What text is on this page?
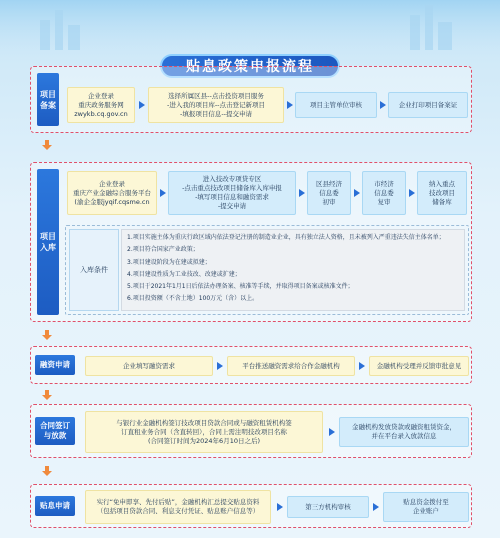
贴息政策申报流程
项目备案
企业登录
重庆政务服务网
zwykb.cq.gov.cn
选择所属区县--点击投资项目服务
-进入我的项目库--点击登记新项目
-填报项目信息--提交申请
项目主管单位审核	企业打印项目备案证
项目入库
企业登录
重庆产业金融综合服务平台
(渝企金服jyqif.cqsme.cn
进入技改专项贷专区
-点击重点技改项目储备库入库申报
-填写项目信息和融资需求
-提交申请
区县经济
信息委
初审
市经济
信息委
复审
纳入重点
技改项目
储备库
入库条件
1.项目实施主体为重庆行政区域内依法登记注册的制造业企业，具有独立法人资格，且未被列入严重违法失信主体名单；
2.项目符合国家产业政策；
3.项目建设阶段为在建或拟建；
4.项目建设性质为工业技改、改建或扩建；
5.项目于2021年1月1日后依法办理备案、核准等手续，并取得项目备案或核准文件；
6.项目投资额（不含土地）100万元（含）以上。
融资申请	企业填写融资需求	平台推送融资需求给合作金融机构	金融机构受理并反馈审批意见
合同签订
与放款
与银行业金融机构签订技改项目贷款合同或与融资租赁机构签
订直租业务合同（含直转回），合同上需注明技改项目名称
(合同签订时间为2024年6月10日之后)
金融机构发放贷款或融资租赁资金，
并在平台录入放款信息
贴息申请	实行“免申即享、先付后贴”，金融机构汇总提交贴息资料
（包括项目贷款合同、利息支付凭证、贴息账户信息等）
第三方机构审核
贴息资金拨付至
企业账户
